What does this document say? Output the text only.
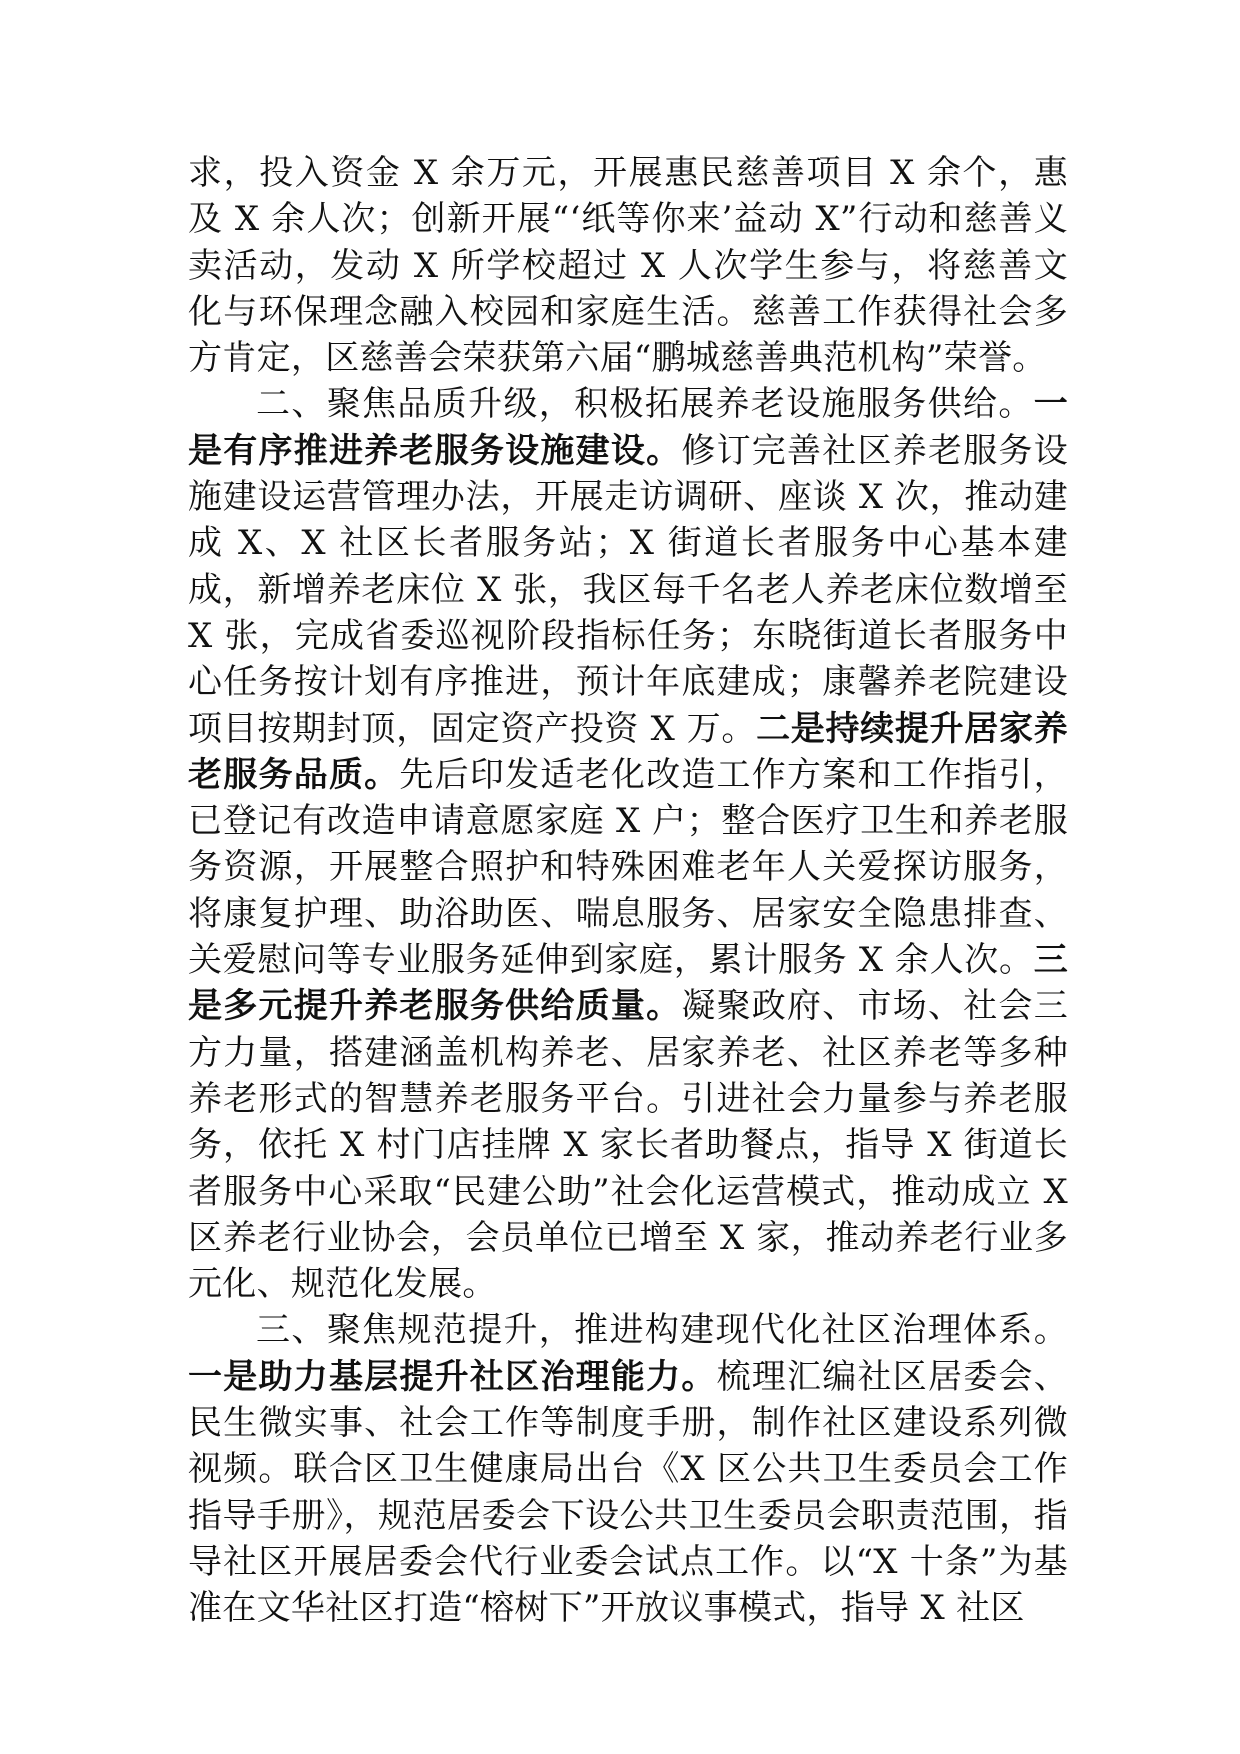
求，投入资金 X 余万元，开展惠民慈善项目 X 余个，惠及 X 余人次；创新开展“‘纸等你来’益动 X”行动和慈善义卖活动，发动 X 所学校超过 X 人次学生参与，将慈善文化与环保理念融入校园和家庭生活。慈善工作获得社会多方肯定，区慈善会荣获第六届“鹏城慈善典范机构”荣誉。

二、聚焦品质升级，积极拓展养老设施服务供给。一是有序推进养老服务设施建设。修订完善社区养老服务设施建设运营管理办法，开展走访调研、座谈 X 次，推动建成 X、X 社区长者服务站；X 街道长者服务中心基本建成，新增养老床位 X 张，我区每千名老人养老床位数增至 X 张，完成省委巡视阶段指标任务；东晓街道长者服务中心任务按计划有序推进，预计年底建成；康馨养老院建设项目按期封顶，固定资产投资 X 万。二是持续提升居家养老服务品质。先后印发适老化改造工作方案和工作指引，已登记有改造申请意愿家庭 X 户；整合医疗卫生和养老服务资源，开展整合照护和特殊困难老年人关爱探访服务，将康复护理、助浴助医、喘息服务、居家安全隐患排查、关爱慰问等专业服务延伸到家庭，累计服务 X 余人次。三是多元提升养老服务供给质量。凝聚政府、市场、社会三方力量，搭建涵盖机构养老、居家养老、社区养老等多种养老形式的智慧养老服务平台。引进社会力量参与养老服务，依托 X 村门店挂牌 X 家长者助餐点，指导 X 街道长者服务中心采取“民建公助”社会化运营模式，推动成立 X 区养老行业协会，会员单位已增至 X 家，推动养老行业多元化、规范化发展。

三、聚焦规范提升，推进构建现代化社区治理体系。一是助力基层提升社区治理能力。梳理汇编社区居委会、民生微实事、社会工作等制度手册，制作社区建设系列微视频。联合区卫生健康局出台《X 区公共卫生委员会工作指导手册》，规范居委会下设公共卫生委员会职责范围，指导社区开展居委会代行业委会试点工作。以“X 十条”为基准在文华社区打造“榕树下”开放议事模式，指导 X 社区
